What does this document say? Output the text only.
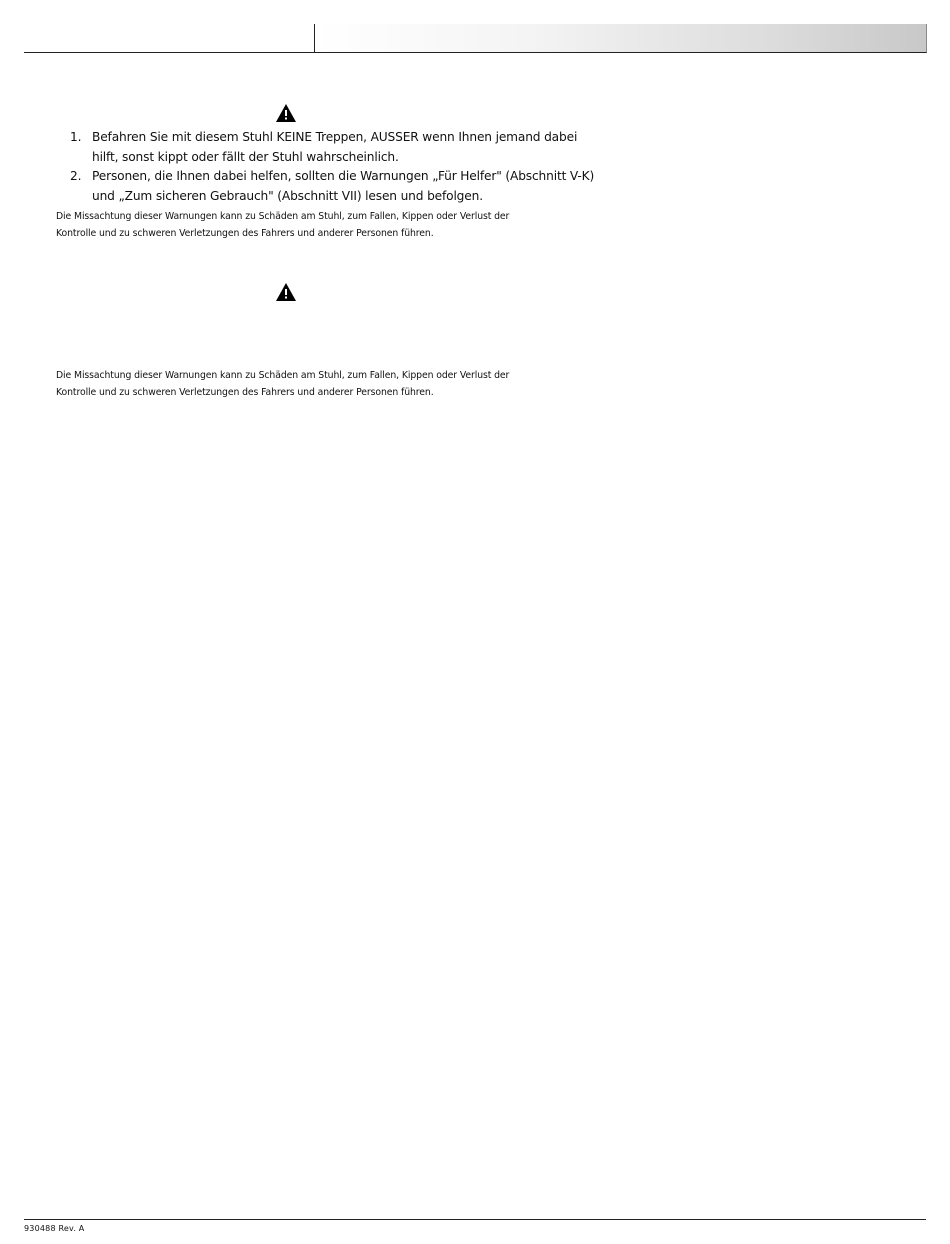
1. Befahren Sie mit diesem Stuhl KEINE Treppen, AUSSER wenn Ihnen jemand dabei
hilft, sonst kippt oder fällt der Stuhl wahrscheinlich.
2. Personen, die Ihnen dabei helfen, sollten die Warnungen „Für Helfer" (Abschnitt V-K)
und „Zum sicheren Gebrauch" (Abschnitt VII) lesen und befolgen.
Die Missachtung dieser Warnungen kann zu Schäden am Stuhl, zum Fallen, Kippen oder Verlust der
Kontrolle und zu schweren Verletzungen des Fahrers und anderer Personen führen.
Die Missachtung dieser Warnungen kann zu Schäden am Stuhl, zum Fallen, Kippen oder Verlust der
Kontrolle und zu schweren Verletzungen des Fahrers und anderer Personen führen.
930488 Rev. A
